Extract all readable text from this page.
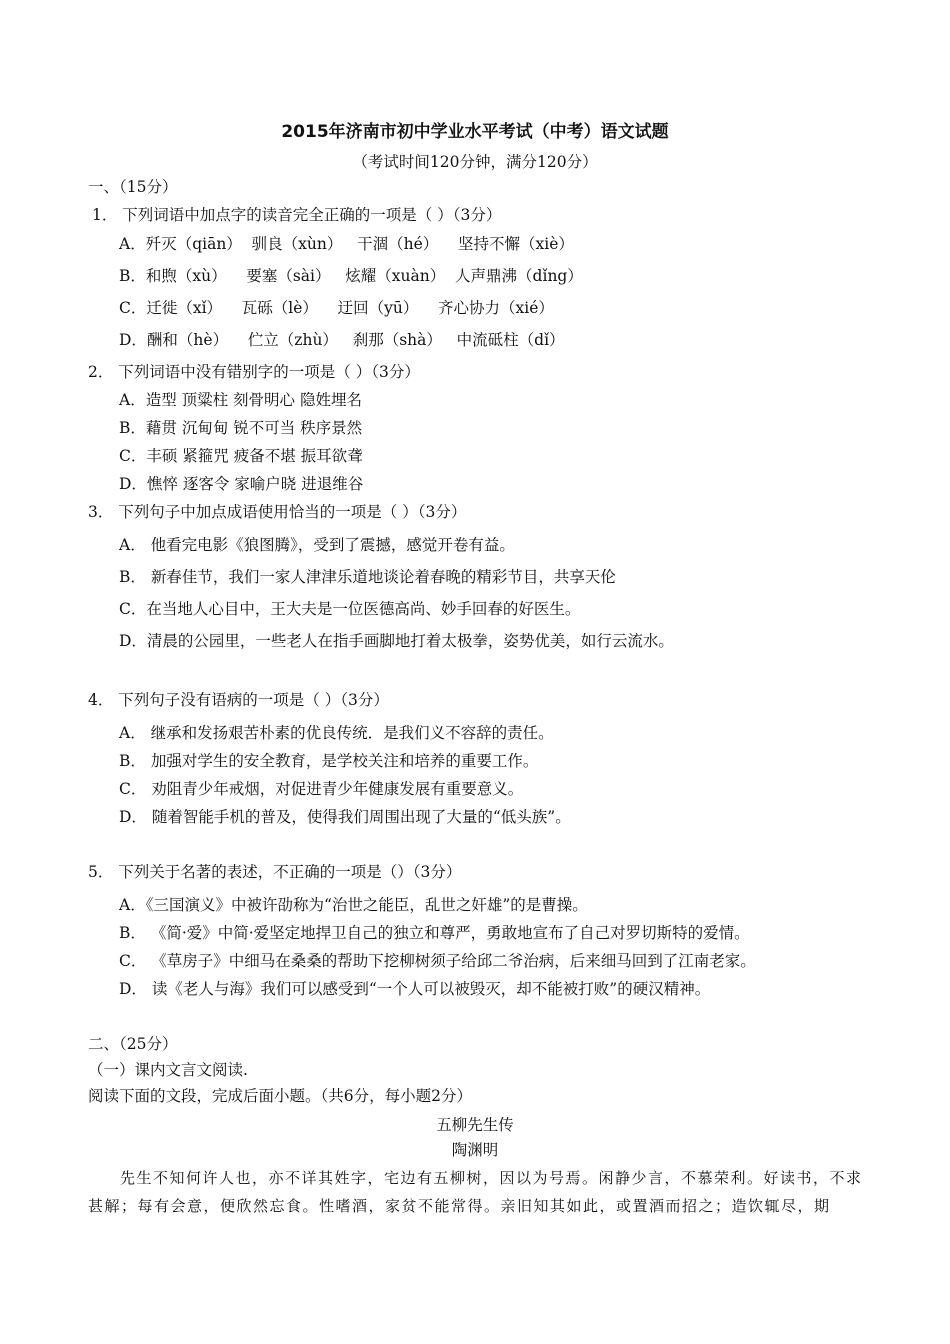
2015年济南市初中学业水平考试（中考）语文试题
（考试时间120分钟，满分120分）
一、（15分）
1． 下列词语中加点字的读音完全正确的一项是（ ）（3分）
A．歼灭（qiān）  驯良（xùn）   干涸（hé）    坚持不懈（xiè）
B．和煦（xù）    要塞（sài）   炫耀（xuàn）  人声鼎沸（dǐng）
C．迁徙（xǐ）    瓦砾（lè）    迂回（yū）    齐心协力（xié）
D．酬和（hè）    伫立（zhù）   刹那（shà）   中流砥柱（dǐ）
2． 下列词语中没有错别字的一项是（ ）（3分）
A．造型 顶粱柱 刻骨明心 隐姓埋名
B．藉贯 沉甸甸 锐不可当 秩序景然
C．丰硕 紧箍咒 疲备不堪 振耳欲聋
D．憔悴 逐客令 家喻户晓 进退维谷
3． 下列句子中加点成语使用恰当的一项是（ ）（3分）
A． 他看完电影《狼图腾》，受到了震撼，感觉开卷有益。
B． 新春佳节，我们一家人津津乐道地谈论着春晚的精彩节目，共享天伦
C．在当地人心目中，王大夫是一位医德高尚、妙手回春的好医生。
D．清晨的公园里，一些老人在指手画脚地打着太极拳，姿势优美，如行云流水。
4． 下列句子没有语病的一项是（ ）（3分）
A． 继承和发扬艰苦朴素的优良传统．是我们义不容辞的责任。
B． 加强对学生的安全教育，是学校关注和培养的重要工作。
C． 劝阻青少年戒烟，对促进青少年健康发展有重要意义。
D． 随着智能手机的普及，使得我们周围出现了大量的“低头族”。
5． 下列关于名著的表述，不正确的一项是（）（3分）
A．《三国演义》中被许劭称为“治世之能臣，乱世之奸雄”的是曹操。
B． 《简·爱》中简·爱坚定地捍卫自己的独立和尊严，勇敢地宣布了自己对罗切斯特的爱情。
C． 《草房子》中细马在桑桑的帮助下挖柳树须子给邱二爷治病，后来细马回到了江南老家。
D． 读《老人与海》我们可以感受到“一个人可以被毁灭，却不能被打败”的硬汉精神。
二、（25分）
（一）课内文言文阅读.
阅读下面的文段，完成后面小题。（共6分，每小题2分）
五柳先生传
陶渊明
先生不知何许人也，亦不详其姓字，宅边有五柳树，因以为号焉。闲静少言，不慕荣利。好读书，不求甚解；每有会意，便欣然忘食。性嗜酒，家贫不能常得。亲旧知其如此，或置酒而招之；造饮辄尽，期
